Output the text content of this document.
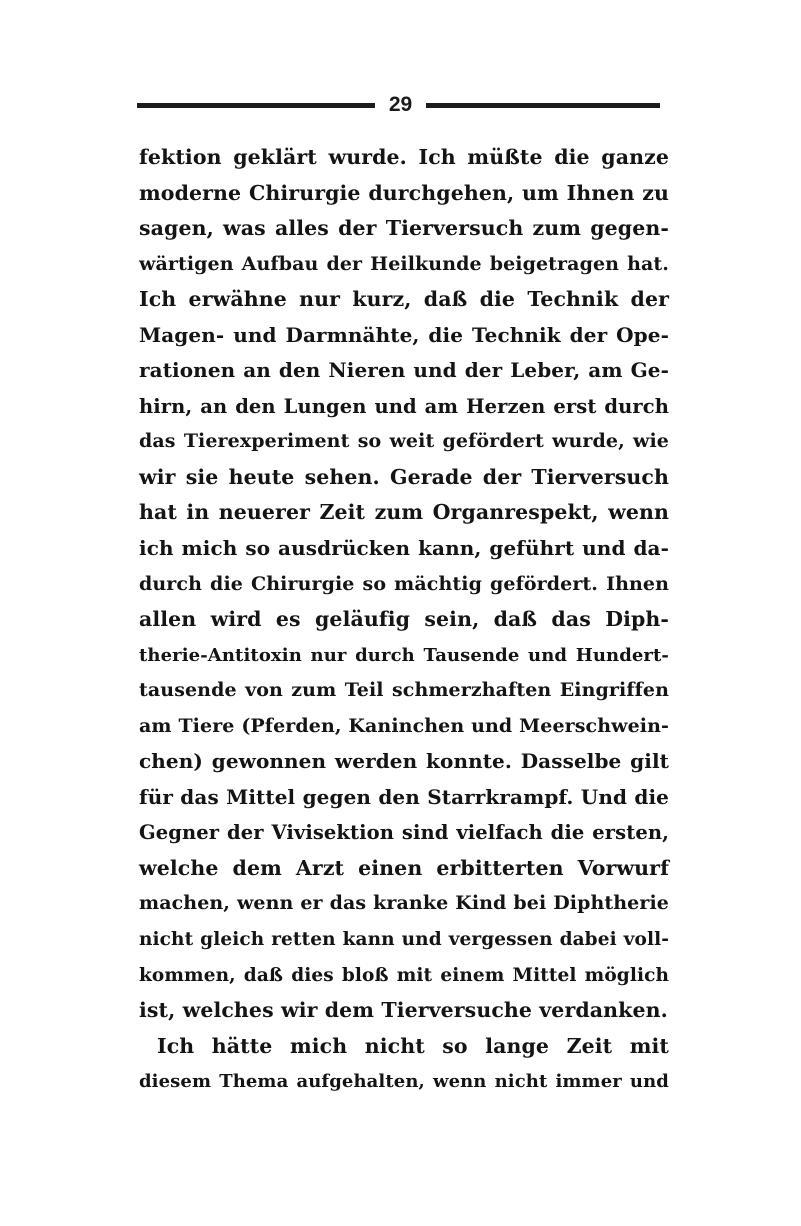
29
fektion geklärt wurde. Ich müßte die ganze
moderne Chirurgie durchgehen, um Ihnen zu
sagen, was alles der Tierversuch zum gegen-
wärtigen Aufbau der Heilkunde beigetragen hat.
Ich erwähne nur kurz, daß die Technik der
Magen- und Darmnähte, die Technik der Ope-
rationen an den Nieren und der Leber, am Ge-
hirn, an den Lungen und am Herzen erst durch
das Tierexperiment so weit gefördert wurde, wie
wir sie heute sehen. Gerade der Tierversuch
hat in neuerer Zeit zum Organrespekt, wenn
ich mich so ausdrücken kann, geführt und da-
durch die Chirurgie so mächtig gefördert. Ihnen
allen wird es geläufig sein, daß das Diph-
therie-Antitoxin nur durch Tausende und Hundert-
tausende von zum Teil schmerzhaften Eingriffen
am Tiere (Pferden, Kaninchen und Meerschwein-
chen) gewonnen werden konnte. Dasselbe gilt
für das Mittel gegen den Starrkrampf. Und die
Gegner der Vivisektion sind vielfach die ersten,
welche dem Arzt einen erbitterten Vorwurf
machen, wenn er das kranke Kind bei Diphtherie
nicht gleich retten kann und vergessen dabei voll-
kommen, daß dies bloß mit einem Mittel möglich
ist, welches wir dem Tierversuche verdanken.
Ich hätte mich nicht so lange Zeit mit
diesem Thema aufgehalten, wenn nicht immer und
